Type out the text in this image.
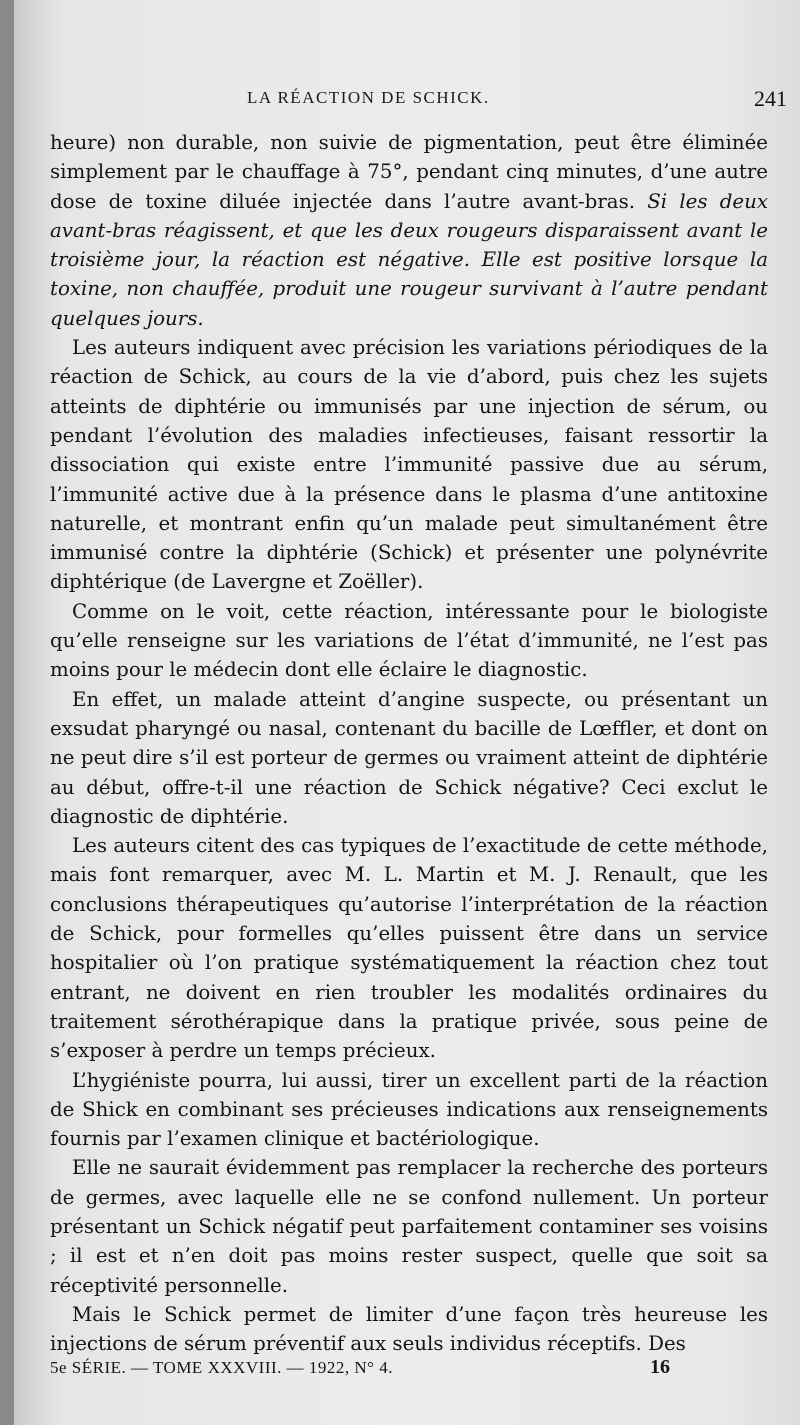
LA RÉACTION DE SCHICK.	241

heure) non durable, non suivie de pigmentation, peut être éliminée simplement par le chauffage à 75°, pendant cinq minutes, d’une autre dose de toxine diluée injectée dans l’autre avant-bras. Si les deux avant-bras réagissent, et que les deux rougeurs disparaissent avant le troisième jour, la réaction est négative. Elle est positive lorsque la toxine, non chauffée, produit une rougeur survivant à l’autre pendant quelques jours.

Les auteurs indiquent avec précision les variations périodiques de la réaction de Schick, au cours de la vie d’abord, puis chez les sujets atteints de diphtérie ou immunisés par une injection de sérum, ou pendant l’évolution des maladies infectieuses, faisant ressortir la dissociation qui existe entre l’immunité passive due au sérum, l’immunité active due à la présence dans le plasma d’une antitoxine naturelle, et montrant enfin qu’un malade peut simultanément être immunisé contre la diphtérie (Schick) et présenter une polynévrite diphtérique (de Lavergne et Zoëller).

Comme on le voit, cette réaction, intéressante pour le biologiste qu’elle renseigne sur les variations de l’état d’immunité, ne l’est pas moins pour le médecin dont elle éclaire le diagnostic.

En effet, un malade atteint d’angine suspecte, ou présentant un exsudat pharyngé ou nasal, contenant du bacille de Lœffler, et dont on ne peut dire s’il est porteur de germes ou vraiment atteint de diphtérie au début, offre-t-il une réaction de Schick négative? Ceci exclut le diagnostic de diphtérie.

Les auteurs citent des cas typiques de l’exactitude de cette méthode, mais font remarquer, avec M. L. Martin et M. J. Renault, que les conclusions thérapeutiques qu’autorise l’interprétation de la réaction de Schick, pour formelles qu’elles puissent être dans un service hospitalier où l’on pratique systématiquement la réaction chez tout entrant, ne doivent en rien troubler les modalités ordinaires du traitement sérothérapique dans la pratique privée, sous peine de s’exposer à perdre un temps précieux.

L’hygiéniste pourra, lui aussi, tirer un excellent parti de la réaction de Shick en combinant ses précieuses indications aux renseignements fournis par l’examen clinique et bactériologique.

Elle ne saurait évidemment pas remplacer la recherche des porteurs de germes, avec laquelle elle ne se confond nullement. Un porteur présentant un Schick négatif peut parfaitement contaminer ses voisins ; il est et n’en doit pas moins rester suspect, quelle que soit sa réceptivité personnelle.

Mais le Schick permet de limiter d’une façon très heureuse les injections de sérum préventif aux seuls individus réceptifs. Des

5e SÉRIE. — TOME XXXVIII. — 1922, N° 4.	16
